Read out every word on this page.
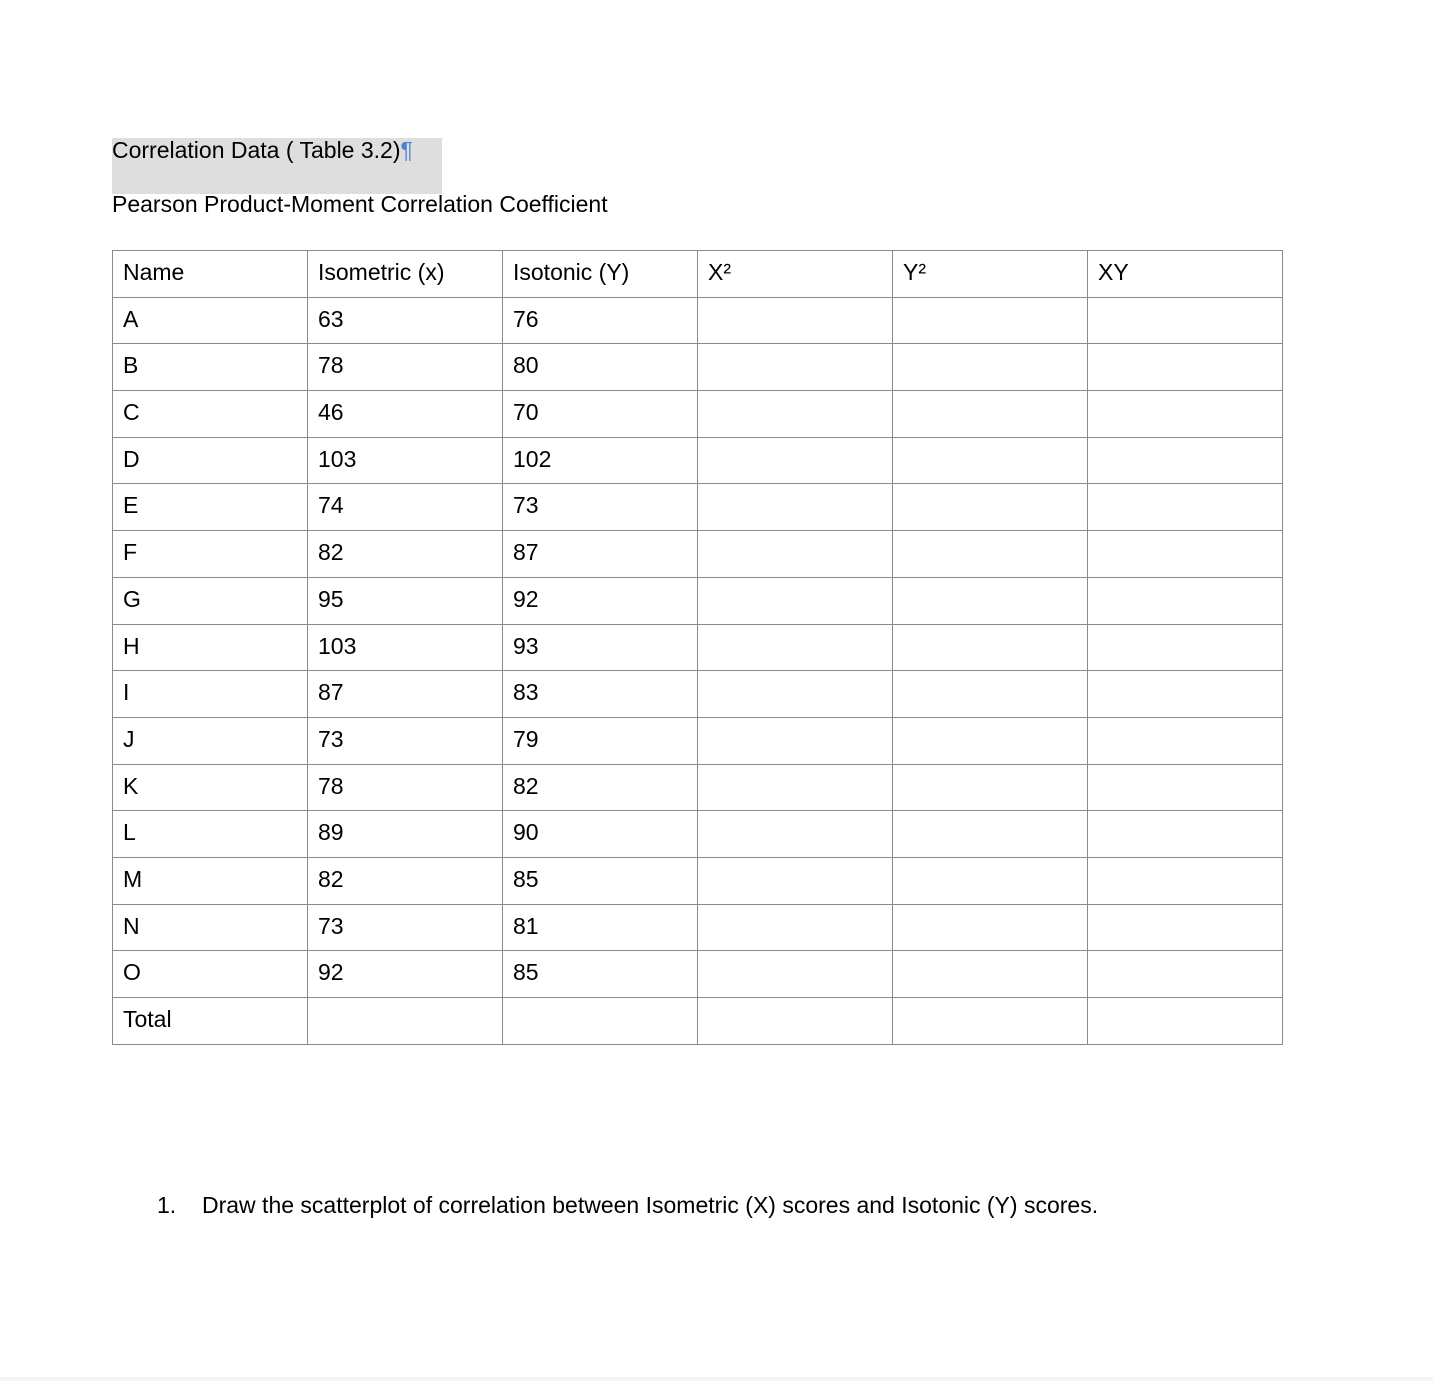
Correlation Data ( Table 3.2)¶
Pearson Product-Moment Correlation Coefficient
Name	Isometric (x)	Isotonic (Y)	X²	Y²	XY
A	63	76			
B	78	80			
C	46	70			
D	103	102			
E	74	73			
F	82	87			
G	95	92			
H	103	93			
I	87	83			
J	73	79			
K	78	82			
L	89	90			
M	82	85			
N	73	81			
O	92	85			
Total					
1. Draw the scatterplot of correlation between Isometric (X) scores and Isotonic (Y) scores.
